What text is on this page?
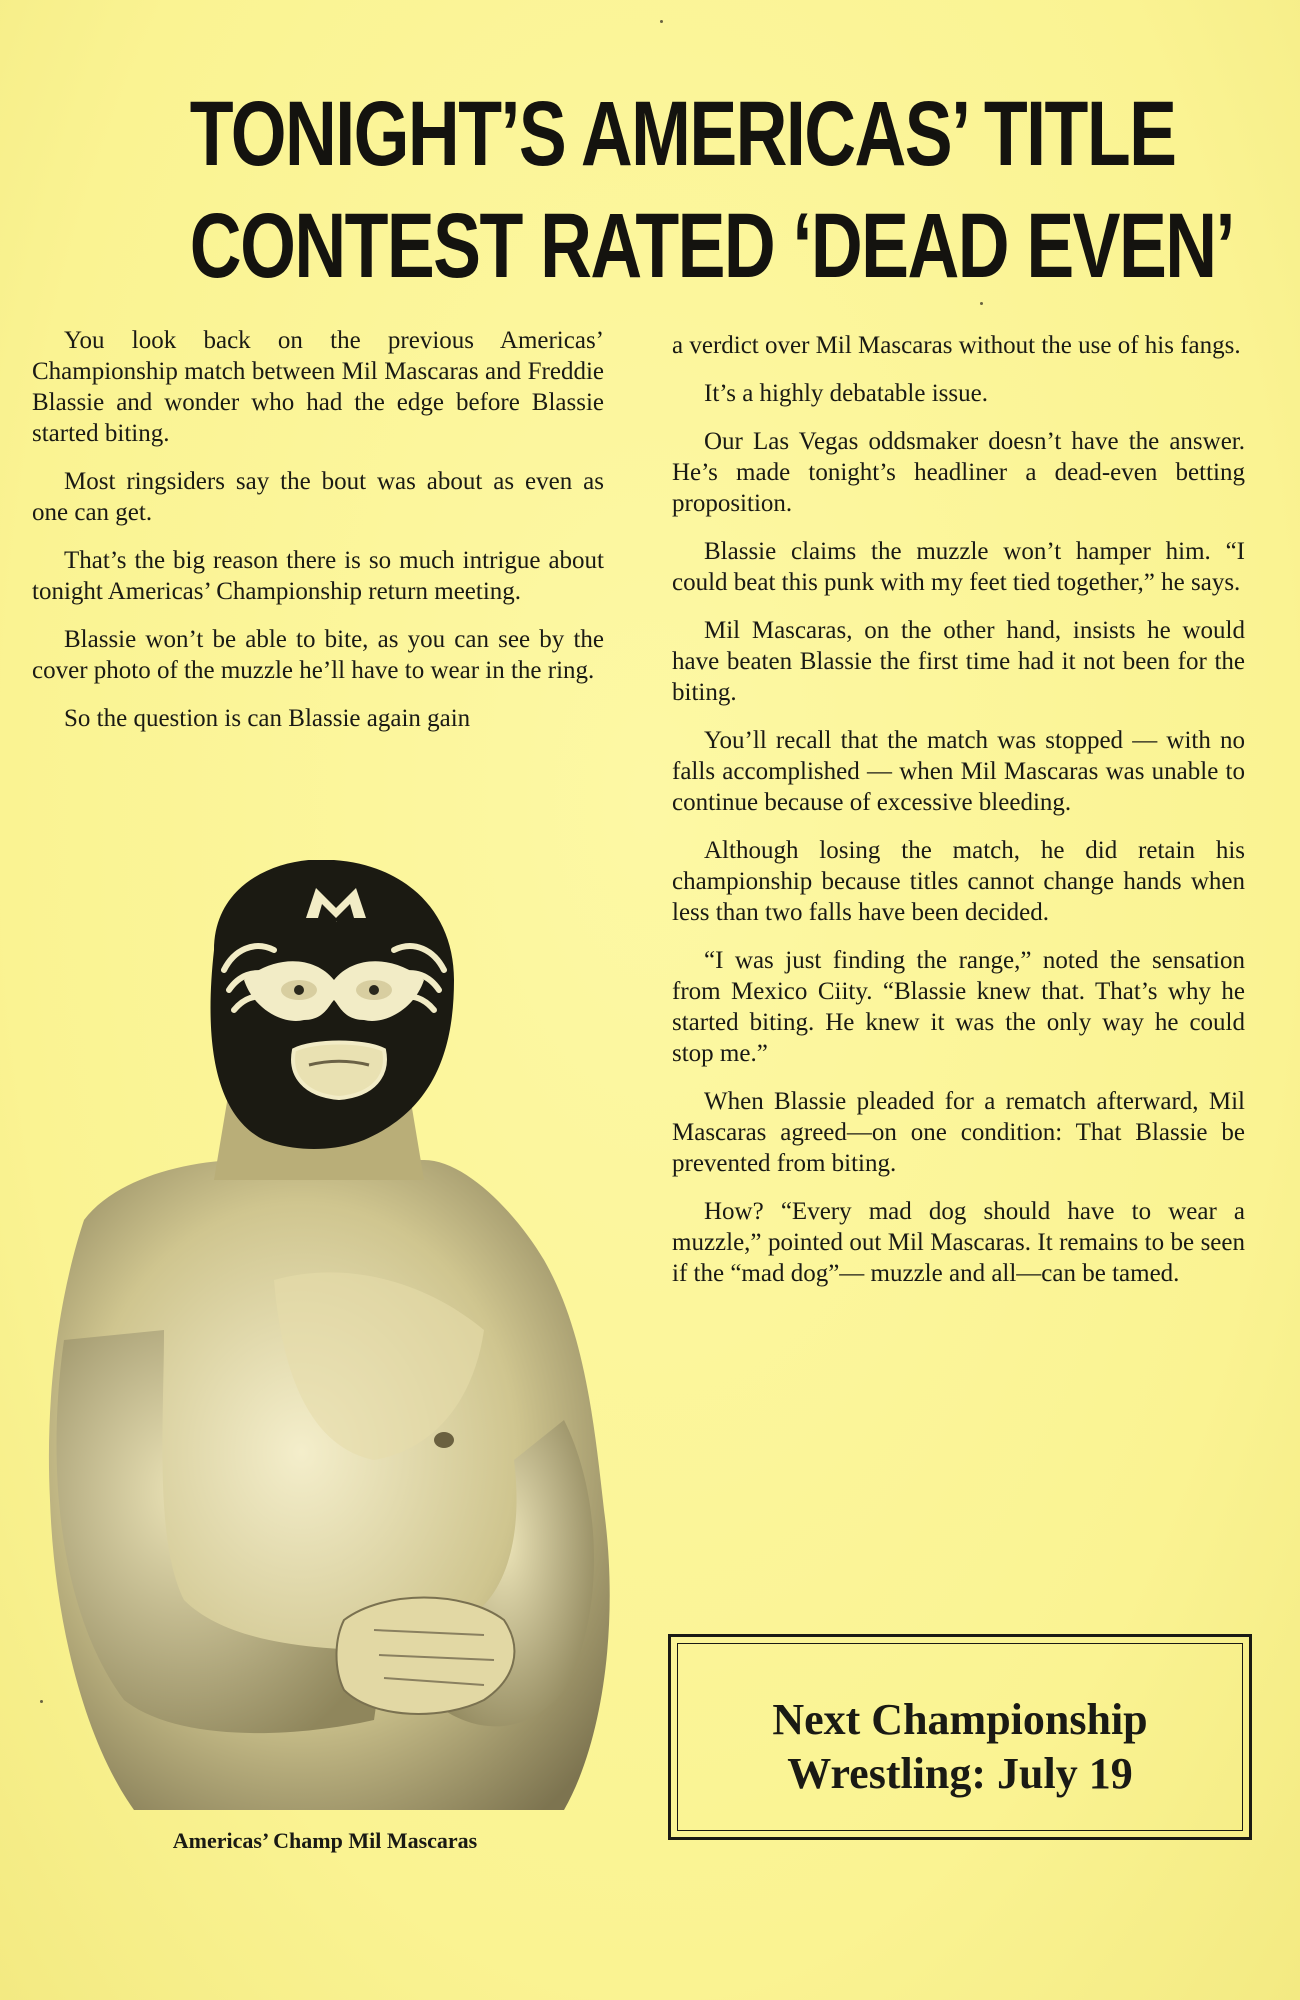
TONIGHT’S AMERICAS’ TITLE
CONTEST RATED ‘DEAD EVEN’

You look back on the previous Americas’ Championship match between Mil Mascaras and Freddie Blassie and wonder who had the edge before Blassie started biting.

Most ringsiders say the bout was about as even as one can get.

That’s the big reason there is so much intrigue about tonight Americas’ Championship return meeting.

Blassie won’t be able to bite, as you can see by the cover photo of the muzzle he’ll have to wear in the ring.

So the question is can Blassie again gain

M
Americas’ Champ Mil Mascaras

a verdict over Mil Mascaras without the use of his fangs.

It’s a highly debatable issue.

Our Las Vegas oddsmaker doesn’t have the answer. He’s made tonight’s headliner a dead-even betting proposition.

Blassie claims the muzzle won’t hamper him. “I could beat this punk with my feet tied together,” he says.

Mil Mascaras, on the other hand, insists he would have beaten Blassie the first time had it not been for the biting.

You’ll recall that the match was stopped — with no falls accomplished — when Mil Mascaras was unable to continue because of excessive bleeding.

Although losing the match, he did retain his championship because titles cannot change hands when less than two falls have been decided.

“I was just finding the range,” noted the sensation from Mexico Ciity. “Blassie knew that. That’s why he started biting. He knew it was the only way he could stop me.”

When Blassie pleaded for a rematch afterward, Mil Mascaras agreed—on one condition: That Blassie be prevented from biting.

How? “Every mad dog should have to wear a muzzle,” pointed out Mil Mascaras. It remains to be seen if the “mad dog”— muzzle and all—can be tamed.

Next Championship
Wrestling: July 19
